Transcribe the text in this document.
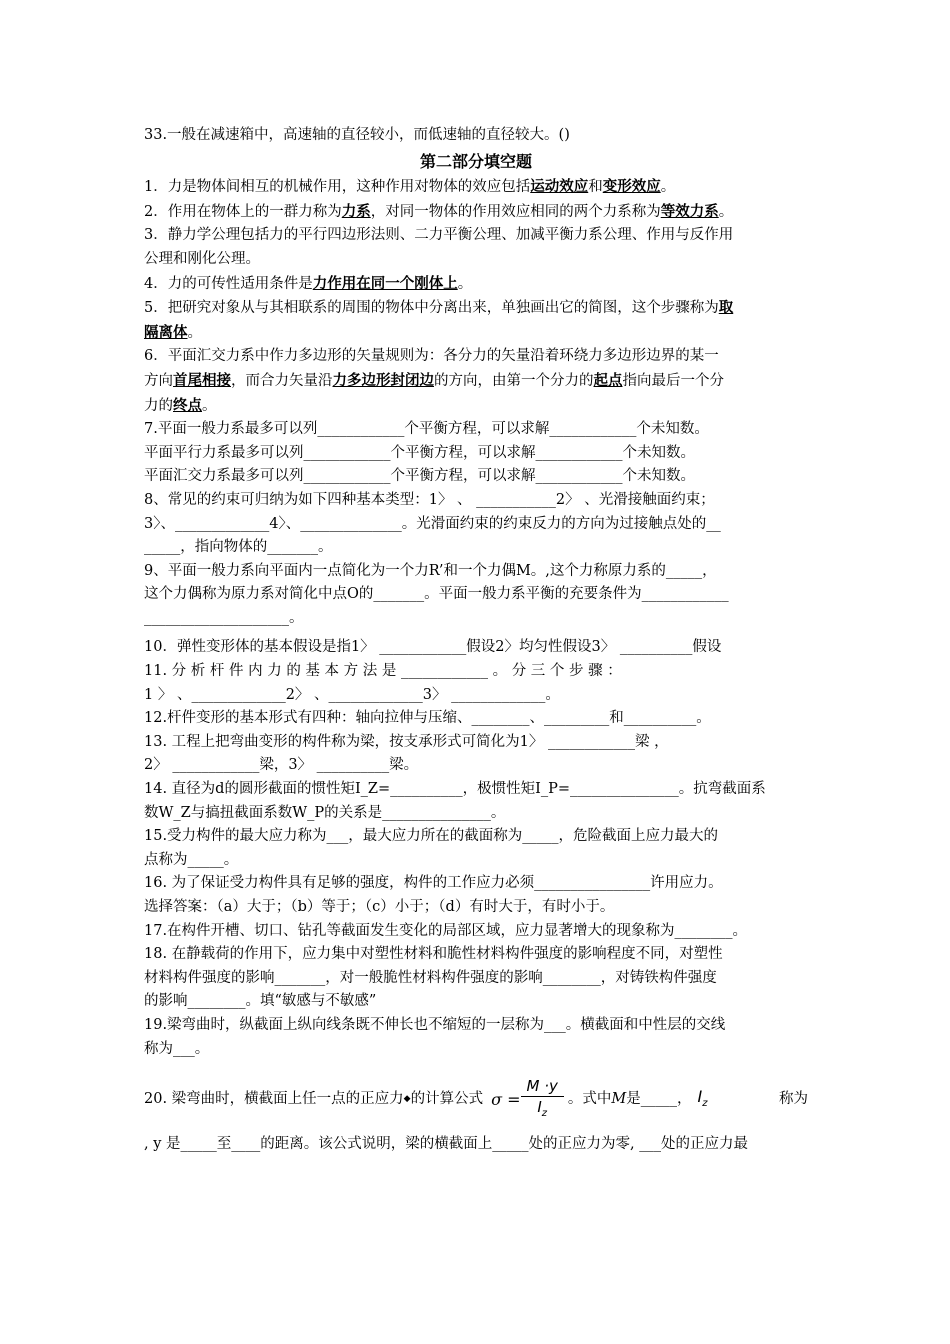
33.一般在减速箱中，高速轴的直径较小，而低速轴的直径较大。()
第二部分填空题
1．力是物体间相互的机械作用，这种作用对物体的效应包括运动效应和变形效应。
2．作用在物体上的一群力称为力系，对同一物体的作用效应相同的两个力系称为等效力系。
3．静力学公理包括力的平行四边形法则、二力平衡公理、加减平衡力系公理、作用与反作用
公理和刚化公理。
4．力的可传性适用条件是力作用在同一个刚体上。
5．把研究对象从与其相联系的周围的物体中分离出来，单独画出它的简图，这个步骤称为取
隔离体。
6．平面汇交力系中作力多边形的矢量规则为：各分力的矢量沿着环绕力多边形边界的某一
方向首尾相接，而合力矢量沿力多边形封闭边的方向，由第一个分力的起点指向最后一个分
力的终点。
7.平面一般力系最多可以列____________个平衡方程，可以求解____________个未知数。
平面平行力系最多可以列____________个平衡方程，可以求解____________个未知数。
平面汇交力系最多可以列____________个平衡方程，可以求解____________个未知数。
8、常见的约束可归纳为如下四种基本类型：1〉 、 ___________2〉 、光滑接触面约束；
3〉、_____________4〉、______________。光滑面约束的约束反力的方向为过接触点处的__
_____，指向物体的_______。
9、平面一般力系向平面内一点简化为一个力R’和一个力偶M。,这个力称原力系的_____，
这个力偶称为原力系对简化中点O的_______。平面一般力系平衡的充要条件为____________
____________________。
10．弹性变形体的基本假设是指1〉 ____________假设2〉均匀性假设3〉 __________假设
11. 分 析 杆 件 内 力 的 基 本 方 法 是 ____________ 。 分 三 个 步 骤 ：
1 〉 、_____________2〉 、_____________3〉 _____________。
12.杆件变形的基本形式有四种：轴向拉伸与压缩、________、_________和__________。
13. 工程上把弯曲变形的构件称为梁，按支承形式可简化为1〉 ____________梁 ，
2〉 ____________梁，3〉 __________梁。
14. 直径为d的圆形截面的惯性矩I_Z=__________，极惯性矩I_P=_______________。抗弯截面系
数W_Z与搞扭截面系数W_P的关系是_______________。
15.受力构件的最大应力称为___，最大应力所在的截面称为_____，危险截面上应力最大的
点称为_____。
16. 为了保证受力构件具有足够的强度，构件的工作应力必须________________许用应力。
选择答案：（a）大于；（b）等于；（c）小于；（d）有时大于，有时小于。
17.在构件开槽、切口、钻孔等截面发生变化的局部区域，应力显著增大的现象称为________。
18. 在静载荷的作用下，应力集中对塑性材料和脆性材料构件强度的影响程度不同，对塑性
材料构件强度的影响_______，对一般脆性材料构件强度的影响________，对铸铁构件强度
的影响________。填“敏感与不敏感”
19.梁弯曲时，纵截面上纵向线条既不伸长也不缩短的一层称为___。横截面和中性层的交线
称为___。
20. 梁弯曲时，横截面上任一点的正应力 ◆ 的计算公式 $\sigma = \frac{M \cdot y}{I_z}$ 。式中 M 是_____， $I_z$	称为
, y 是_____至____的距离。该公式说明，梁的横截面上_____处的正应力为零, ___处的正应力最
